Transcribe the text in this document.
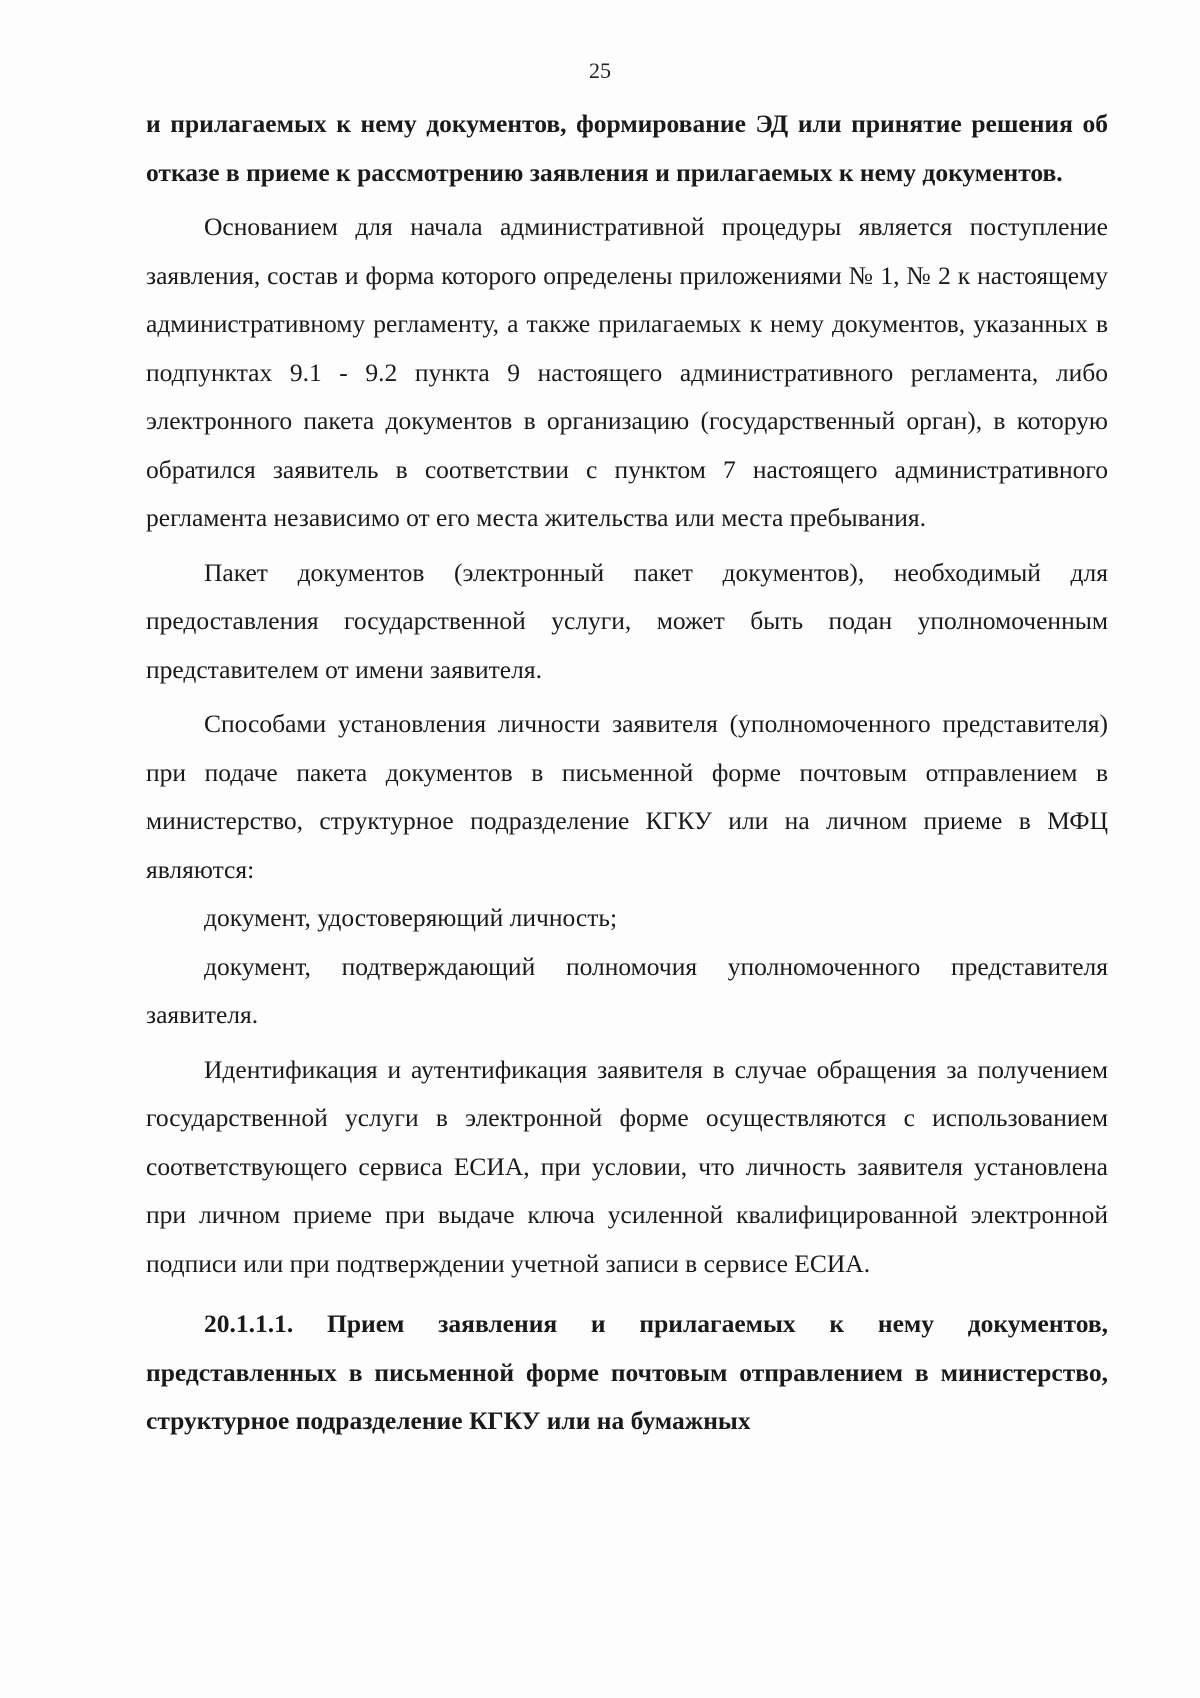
25

и прилагаемых к нему документов, формирование ЭД или принятие решения об отказе в приеме к рассмотрению заявления и прилагаемых к нему документов.

Основанием для начала административной процедуры является поступление заявления, состав и форма которого определены приложениями № 1, № 2 к настоящему административному регламенту, а также прилагаемых к нему документов, указанных в подпунктах 9.1 - 9.2 пункта 9 настоящего административного регламента, либо электронного пакета документов в организацию (государственный орган), в которую обратился заявитель в соответствии с пунктом 7 настоящего административного регламента независимо от его места жительства или места пребывания.

Пакет документов (электронный пакет документов), необходимый для предоставления государственной услуги, может быть подан уполномоченным представителем от имени заявителя.

Способами установления личности заявителя (уполномоченного представителя) при подаче пакета документов в письменной форме почтовым отправлением в министерство, структурное подразделение КГКУ или на личном приеме в МФЦ являются:

документ, удостоверяющий личность;

документ, подтверждающий полномочия уполномоченного представителя заявителя.

Идентификация и аутентификация заявителя в случае обращения за получением государственной услуги в электронной форме осуществляются с использованием соответствующего сервиса ЕСИА, при условии, что личность заявителя установлена при личном приеме при выдаче ключа усиленной квалифицированной электронной подписи или при подтверждении учетной записи в сервисе ЕСИА.

20.1.1.1. Прием заявления и прилагаемых к нему документов, представленных в письменной форме почтовым отправлением в министерство, структурное подразделение КГКУ или на бумажных
